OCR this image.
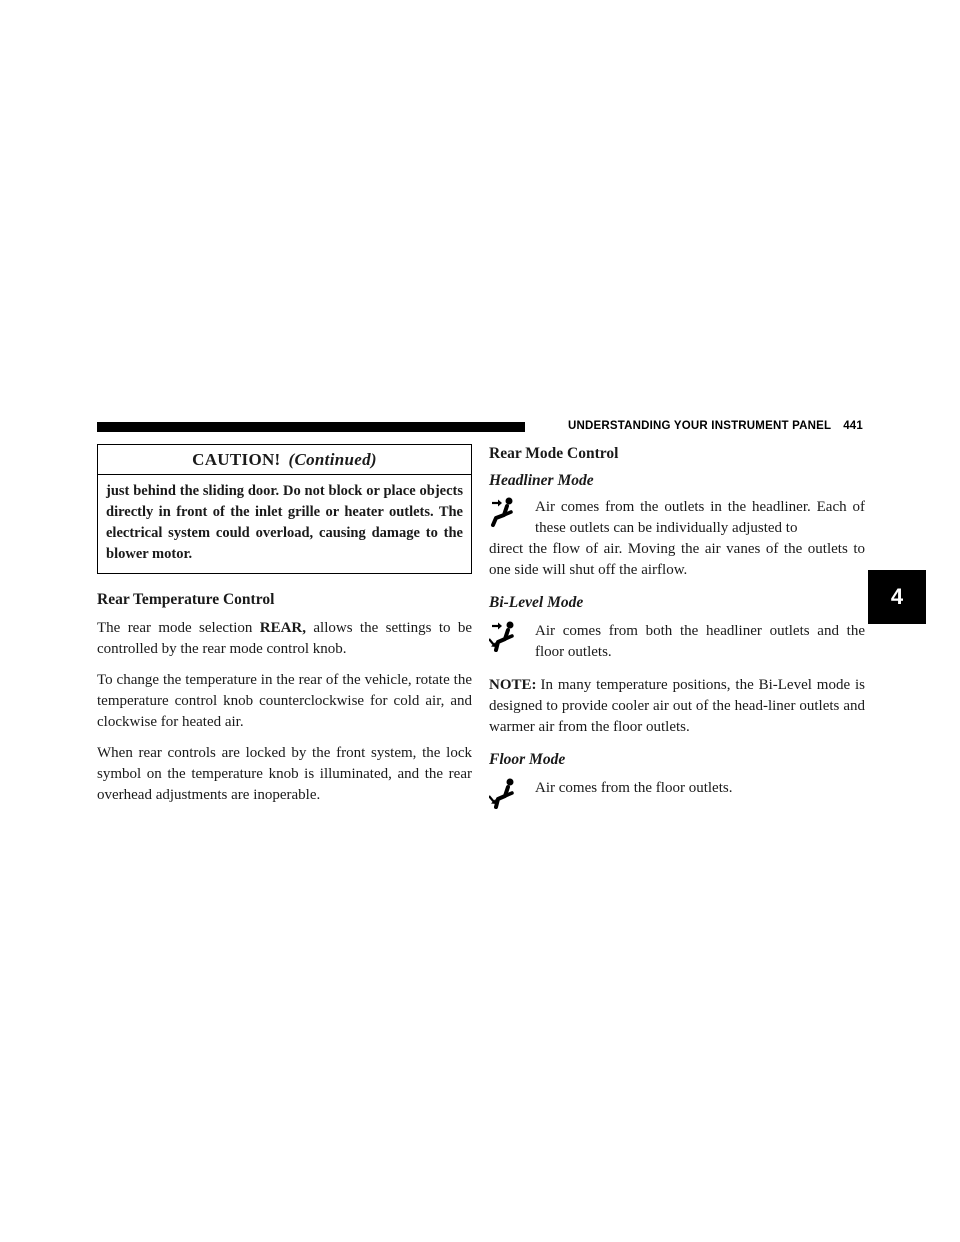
UNDERSTANDING YOUR INSTRUMENT PANEL 441
4
CAUTION! (Continued)
just behind the sliding door. Do not block or place objects directly in front of the inlet grille or heater outlets. The electrical system could overload, causing damage to the blower motor.
Rear Temperature Control

The rear mode selection REAR, allows the settings to be controlled by the rear mode control knob.

To change the temperature in the rear of the vehicle, rotate the temperature control knob counterclockwise for cold air, and clockwise for heated air.

When rear controls are locked by the front system, the lock symbol on the temperature knob is illuminated, and the rear overhead adjustments are inoperable.

Rear Mode Control
Headliner Mode

Air comes from the outlets in the headliner. Each of these outlets can be individually adjusted to

direct the flow of air. Moving the air vanes of the outlets to one side will shut off the airflow.

Bi-Level Mode

Air comes from both the headliner outlets and the floor outlets.

NOTE: In many temperature positions, the Bi-Level mode is designed to provide cooler air out of the head-liner outlets and warmer air from the floor outlets.

Floor Mode

Air comes from the floor outlets.
